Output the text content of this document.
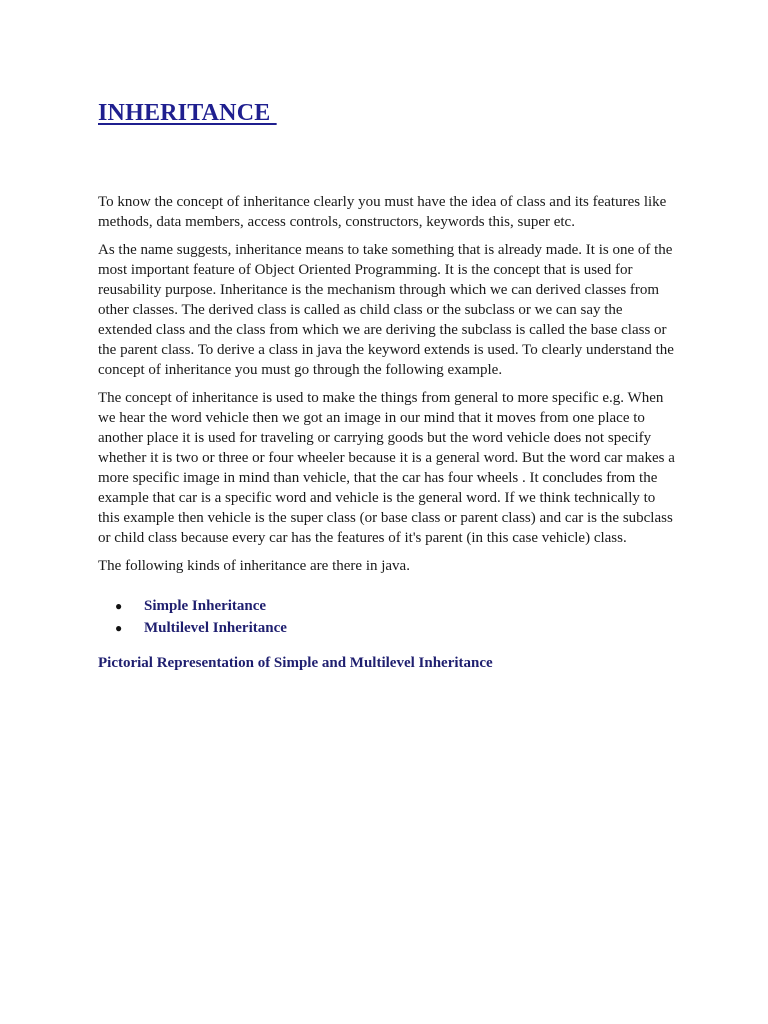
INHERITANCE

To know the concept of inheritance clearly you must have the idea of class and its features like methods, data members, access controls, constructors, keywords this, super etc.

As the name suggests, inheritance means to take something that is already made. It is one of the most important feature of Object Oriented Programming. It is the concept that is used for reusability purpose. Inheritance is the mechanism through which we can derived classes from other classes. The derived class is called as child class or the subclass or we can say the extended class and the class from which we are deriving the subclass is called the base class or the parent class. To derive a class in java the keyword extends is used. To clearly understand the concept of inheritance you must go through the following example.

The concept of inheritance is used to make the things from general to more specific e.g. When we hear the word vehicle then we got an image in our mind that it moves from one place to another place it is used for traveling or carrying goods but the word vehicle does not specify whether it is two or three or four wheeler because it is a general word. But the word car makes a more specific image in mind than vehicle, that the car has four wheels . It concludes from the example that car is a specific word and vehicle is the general word. If we think technically to this example then vehicle is the super class (or base class or parent class) and car is the subclass or child class because every car has the features of it's parent (in this case vehicle) class.

The following kinds of inheritance are there in java.

● Simple Inheritance
● Multilevel Inheritance

Pictorial Representation of Simple and Multilevel Inheritance
